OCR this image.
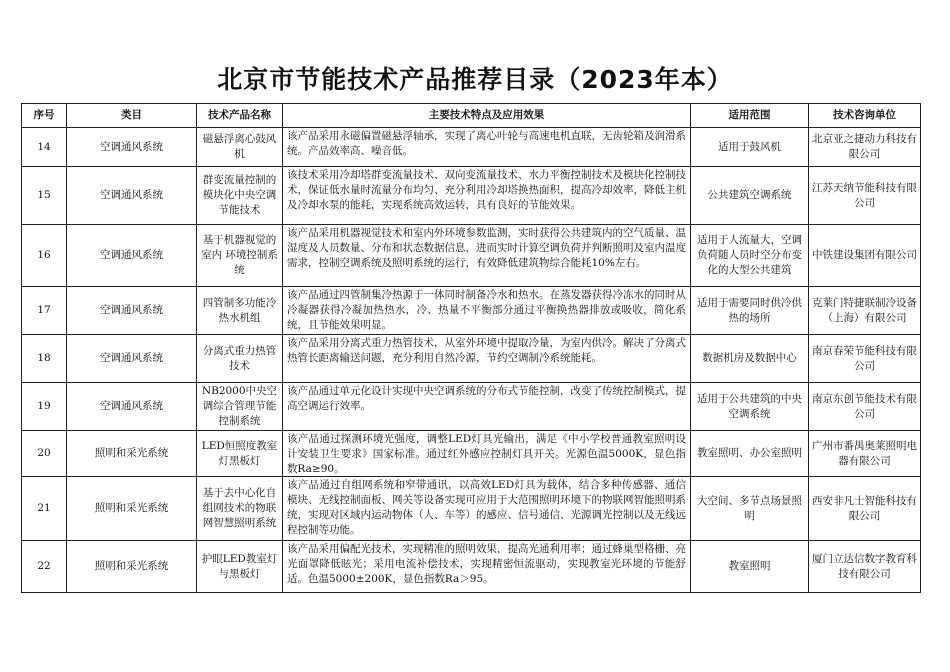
北京市节能技术产品推荐目录（2023年本）
序号	类目	技术产品名称	主要技术特点及应用效果	适用范围	技术咨询单位
14	空调通风系统	磁悬浮离心鼓风机	该产品采用永磁偏置磁悬浮轴承，实现了离心叶轮与高速电机直联，无齿轮箱及润滑系统。产品效率高、噪音低。	适用于鼓风机	北京亚之捷动力科技有限公司
15	空调通风系统	群变流量控制的模块化中央空调节能技术	该技术采用冷却塔群变流量技术、双向变流量技术、水力平衡控制技术及模块化控制技术，保证低水量时流量分布均匀、充分利用冷却塔换热面积，提高冷却效率，降低主机及冷却水泵的能耗，实现系统高效运转，具有良好的节能效果。	公共建筑空调系统	江苏天纳节能科技有限公司
16	空调通风系统	基于机器视觉的室内 环境控制系统	该产品采用机器视觉技术和室内外环境参数监测，实时获得公共建筑内的空气质量、温湿度及人员数量、分布和状态数据信息，进而实时计算空调负荷并判断照明及室内温度需求，控制空调系统及照明系统的运行，有效降低建筑物综合能耗10%左右。	适用于人流量大，空调负荷随人员时空分布变化的大型公共建筑	中铁建设集团有限公司
17	空调通风系统	四管制多功能冷热水机组	该产品通过四管制集冷热源于一体同时制备冷水和热水。在蒸发器获得冷冻水的同时从冷凝器获得冷凝加热热水，冷、热量不平衡部分通过平衡换热器排放或吸收，简化系统，且节能效果明显。	适用于需要同时供冷供热的场所	克莱门特捷联制冷设备（上海）有限公司
18	空调通风系统	分离式重力热管技术	该产品采用分离式重力热管技术，从室外环境中提取冷量，为室内供冷。解决了分离式热管长距离输送问题，充分利用自然冷源，节约空调制冷系统能耗。	数据机房及数据中心	南京春荣节能科技有限公司
19	空调通风系统	NB2000中央空调综合管理节能控制系统	该产品通过单元化设计实现中央空调系统的分布式节能控制，改变了传统控制模式，提高空调运行效率。	适用于公共建筑的中央空调系统	南京东创节能技术有限公司
20	照明和采光系统	LED恒照度教室灯黑板灯	该产品通过探测环境光强度，调整LED灯具光输出，满足《中小学校普通教室照明设计安装卫生要求》国家标准。通过红外感应控制灯具开关。光源色温5000K，显色指数Ra≥90。	教室照明、办公室照明	广州市番禺奥莱照明电器有限公司
21	照明和采光系统	基于去中心化自组网技术的物联网智慧照明系统	该产品通过自组网系统和窄带通讯，以高效LED灯具为载体，结合多种传感器、通信模块、无线控制面板、网关等设备实现可应用于大范围照明环境下的物联网智能照明系统，实现对区域内运动物体（人、车等）的感应、信号通信、光源调光控制以及无线远程控制等功能。	大空间、多节点场景照明	西安非凡士智能科技有限公司
22	照明和采光系统	护眼LED教室灯与黑板灯	该产品采用偏配光技术，实现精准的照明效果，提高光通利用率；通过蜂巢型格栅、亮光面罩降低眩光；采用电流补偿技术，实现精密恒流驱动，实现教室光环境的节能舒适。色温5000±200K，显色指数Ra＞95。	教室照明	厦门立达信数字教育科技有限公司
